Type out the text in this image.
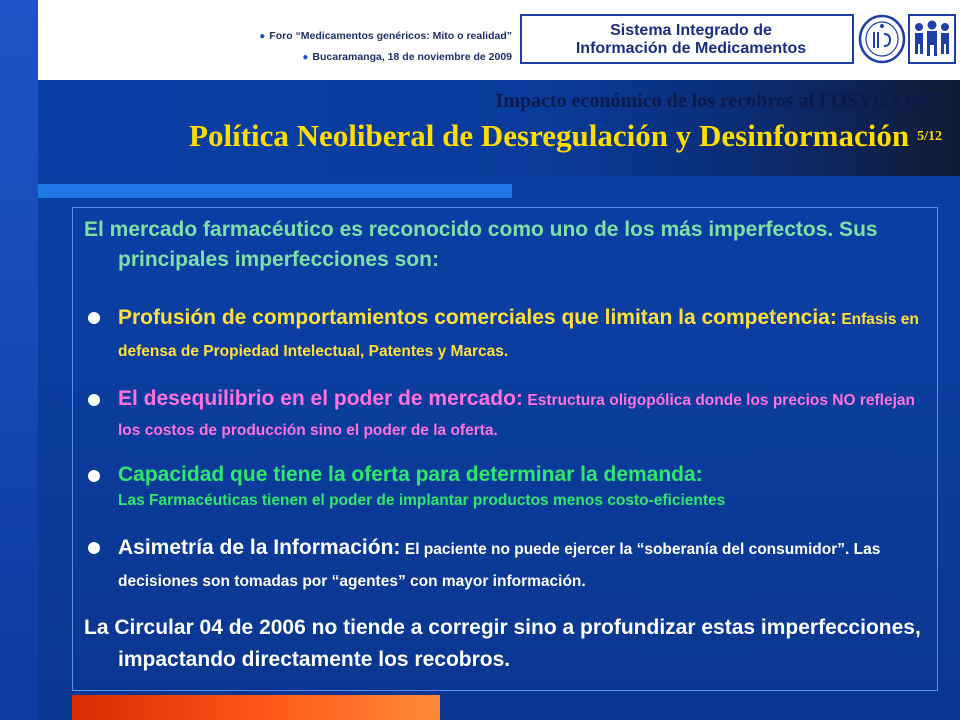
● Foro “Medicamentos genéricos: Mito o realidad”
● Bucaramanga, 18 de noviembre de 2009
Sistema Integrado de
Información de Medicamentos
Impacto económico de los recobros al FOSYGA 8/17
Política Neoliberal de Desregulación y Desinformación 5/12
El mercado farmacéutico es reconocido como uno de los más imperfectos. Sus principales imperfecciones son:
Profusión de comportamientos comerciales que limitan la competencia: Enfasis en defensa de Propiedad Intelectual, Patentes y Marcas.
El desequilibrio en el poder de mercado: Estructura oligopólica donde los precios NO reflejan los costos de producción sino el poder de la oferta.
Capacidad que tiene la oferta para determinar la demanda:
Las Farmacéuticas tienen el poder de implantar productos menos costo-eficientes
Asimetría de la Información: El paciente no puede ejercer la “soberanía del consumidor”. Las decisiones son tomadas por “agentes” con mayor información.
La Circular 04 de 2006 no tiende a corregir sino a profundizar estas imperfecciones, impactando directamente los recobros.
